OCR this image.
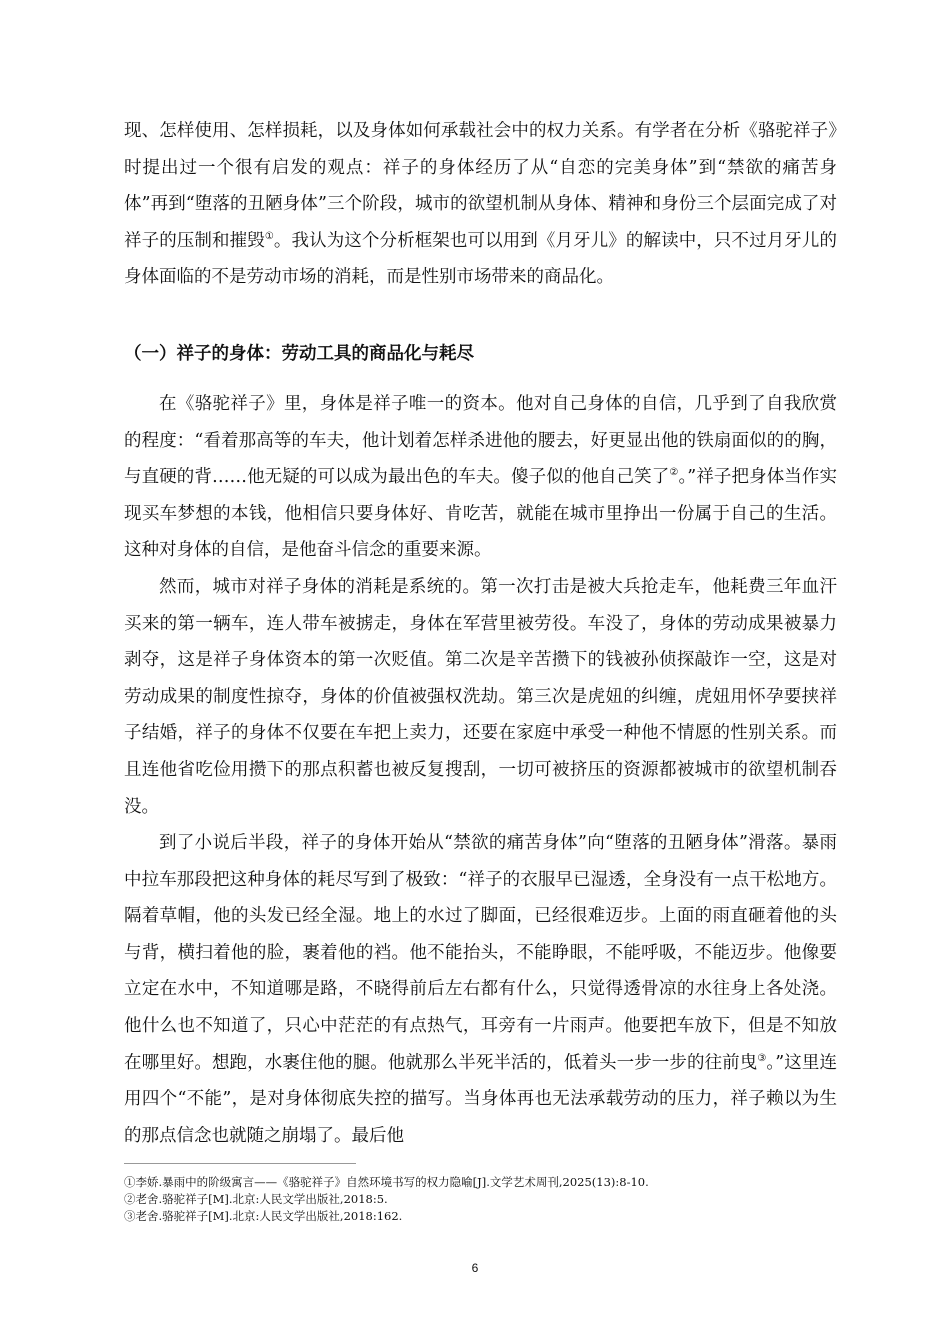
现、怎样使用、怎样损耗，以及身体如何承载社会中的权力关系。有学者在分析《骆驼祥子》时提出过一个很有启发的观点：祥子的身体经历了从“自恋的完美身体”到“禁欲的痛苦身体”再到“堕落的丑陋身体”三个阶段，城市的欲望机制从身体、精神和身份三个层面完成了对祥子的压制和摧毁①。我认为这个分析框架也可以用到《月牙儿》的解读中，只不过月牙儿的身体面临的不是劳动市场的消耗，而是性别市场带来的商品化。

（一）祥子的身体：劳动工具的商品化与耗尽

在《骆驼祥子》里，身体是祥子唯一的资本。他对自己身体的自信，几乎到了自我欣赏的程度：“看着那高等的车夫，他计划着怎样杀进他的腰去，好更显出他的铁扇面似的的胸，与直硬的背……他无疑的可以成为最出色的车夫。傻子似的他自己笑了②。”祥子把身体当作实现买车梦想的本钱，他相信只要身体好、肯吃苦，就能在城市里挣出一份属于自己的生活。这种对身体的自信，是他奋斗信念的重要来源。

然而，城市对祥子身体的消耗是系统的。第一次打击是被大兵抢走车，他耗费三年血汗买来的第一辆车，连人带车被掳走，身体在军营里被劳役。车没了，身体的劳动成果被暴力剥夺，这是祥子身体资本的第一次贬值。第二次是辛苦攒下的钱被孙侦探敲诈一空，这是对劳动成果的制度性掠夺，身体的价值被强权洗劫。第三次是虎妞的纠缠，虎妞用怀孕要挟祥子结婚，祥子的身体不仅要在车把上卖力，还要在家庭中承受一种他不情愿的性别关系。而且连他省吃俭用攒下的那点积蓄也被反复搜刮，一切可被挤压的资源都被城市的欲望机制吞没。

到了小说后半段，祥子的身体开始从“禁欲的痛苦身体”向“堕落的丑陋身体”滑落。暴雨中拉车那段把这种身体的耗尽写到了极致：“祥子的衣服早已湿透，全身没有一点干松地方。隔着草帽，他的头发已经全湿。地上的水过了脚面，已经很难迈步。上面的雨直砸着他的头与背，横扫着他的脸，裹着他的裆。他不能抬头，不能睁眼，不能呼吸，不能迈步。他像要立定在水中，不知道哪是路，不晓得前后左右都有什么，只觉得透骨凉的水往身上各处浇。他什么也不知道了，只心中茫茫的有点热气，耳旁有一片雨声。他要把车放下，但是不知放在哪里好。想跑，水裹住他的腿。他就那么半死半活的，低着头一步一步的往前曳③。”这里连用四个“不能”，是对身体彻底失控的描写。当身体再也无法承载劳动的压力，祥子赖以为生的那点信念也就随之崩塌了。最后他

①李娇.暴雨中的阶级寓言——《骆驼祥子》自然环境书写的权力隐喻[J].文学艺术周刊,2025(13):8-10.
②老舍.骆驼祥子[M].北京:人民文学出版社,2018:5.
③老舍.骆驼祥子[M].北京:人民文学出版社,2018:162.
6
